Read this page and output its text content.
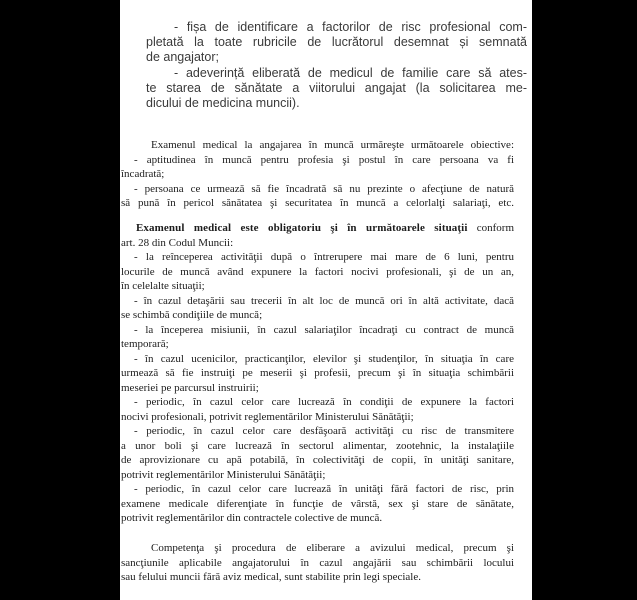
- fișa de identificare a factorilor de risc profesional com-
pletată la toate rubricile de lucrătorul desemnat și semnată
de angajator;
- adeverință eliberată de medicul de familie care să ates-
te starea de sănătate a viitorului angajat (la solicitarea me-
dicului de medicina muncii).
Examenul medical la angajarea în muncă urmăreşte următoarele obiective:
- aptitudinea în muncă pentru profesia şi postul în care persoana va fi
încadrată;
- persoana ce urmează să fie încadrată să nu prezinte o afecţiune de natură
să pună în pericol sănătatea şi securitatea în muncă a celorlalţi salariaţi, etc.
Examenul medical este obligatoriu şi în următoarele situaţii conform
art. 28 din Codul Muncii:
- la reînceperea activităţii după o întrerupere mai mare de 6 luni, pentru
locurile de muncă având expunere la factori nocivi profesionali, şi de un an,
în celelalte situaţii;
- în cazul detaşării sau trecerii în alt loc de muncă ori în altă activitate, dacă
se schimbă condiţiile de muncă;
- la începerea misiunii, în cazul salariaţilor încadraţi cu contract de muncă
temporară;
- în cazul ucenicilor, practicanţilor, elevilor şi studenţilor, în situaţia în care
urmează să fie instruiţi pe meserii şi profesii, precum şi în situaţia schimbării
meseriei pe parcursul instruirii;
- periodic, în cazul celor care lucrează în condiţii de expunere la factori
nocivi profesionali, potrivit reglementărilor Ministerului Sănătăţii;
- periodic, în cazul celor care desfăşoară activităţi cu risc de transmitere
a unor boli şi care lucrează în sectorul alimentar, zootehnic, la instalaţiile
de aprovizionare cu apă potabilă, în colectivităţi de copii, în unităţi sanitare,
potrivit reglementărilor Ministerului Sănătăţii;
- periodic, în cazul celor care lucrează în unităţi fără factori de risc, prin
examene medicale diferenţiate în funcţie de vârstă, sex şi stare de sănătate,
potrivit reglementărilor din contractele colective de muncă.
Competenţa şi procedura de eliberare a avizului medical, precum şi
sancţiunile aplicabile angajatorului în cazul angajării sau schimbării locului
sau felului muncii fără aviz medical, sunt stabilite prin legi speciale.
